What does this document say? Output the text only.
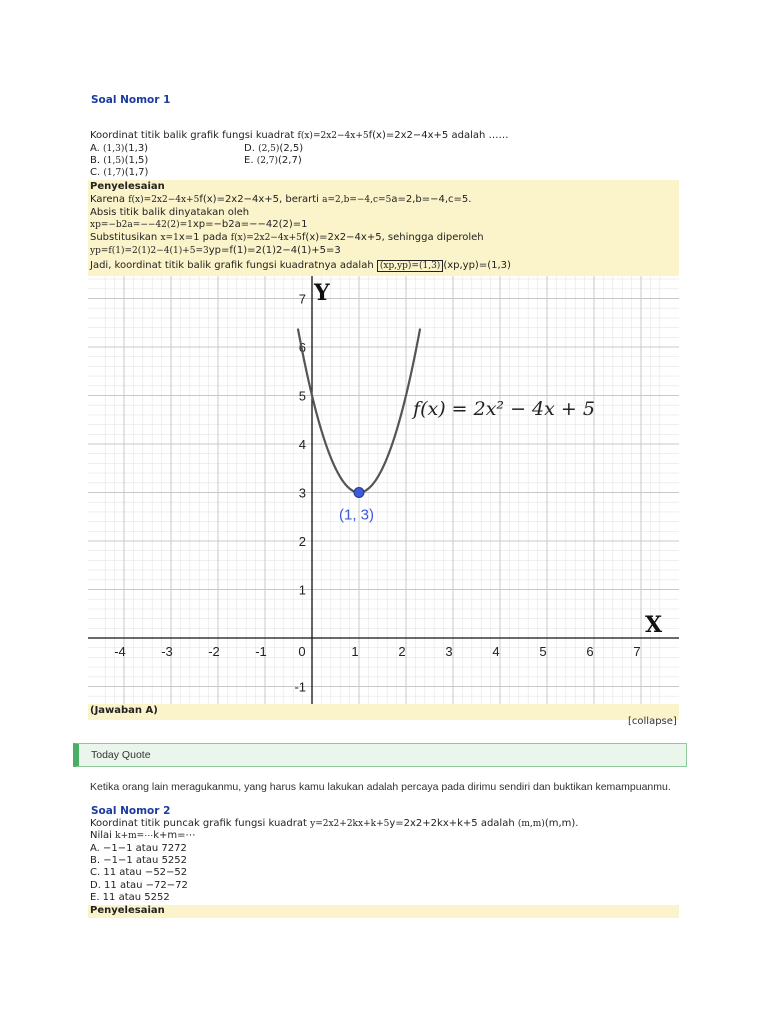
Soal Nomor 1
Koordinat titik balik grafik fungsi kuadrat f(x)=2x2−4x+5f(x)=2x2−4x+5 adalah ……
A. (1,3)(1,3)
B. (1,5)(1,5)
C. (1,7)(1,7)
D. (2,5)(2,5)
E. (2,7)(2,7)
Penyelesaian
Karena f(x)=2x2−4x+5f(x)=2x2−4x+5, berarti a=2,b=−4,c=5a=2,b=−4,c=5.
Absis titik balik dinyatakan oleh
xp=−b2a=−−42(2)=1xp=−b2a=−−42(2)=1
Substitusikan x=1x=1 pada f(x)=2x2−4x+5f(x)=2x2−4x+5, sehingga diperoleh
yp=f(1)=2(1)2−4(1)+5=3yp=f(1)=2(1)2−4(1)+5=3
Jadi, koordinat titik balik grafik fungsi kuadratnya adalah (xp,yp)=(1,3) (xp,yp)=(1,3)
-4	-3	-2	-1 0	1	2	3	4	5	6	7
7
6
5
4
3
2
1
-1
(1, 3)
f(x) = 2x² − 4x + 5
Y
X
(Jawaban A)
[collapse]
Today Quote
Ketika orang lain meragukanmu, yang harus kamu lakukan adalah percaya pada dirimu sendiri dan buktikan kemampuanmu.
Soal Nomor 2
Koordinat titik puncak grafik fungsi kuadrat y=2x2+2kx+k+5y=2x2+2kx+k+5 adalah (m,m)(m,m).
Nilai k+m=⋯k+m=⋯
A. −1−1 atau 7272
B. −1−1 atau 5252
C. 11 atau −52−52
D. 11 atau −72−72
E. 11 atau 5252
Penyelesaian
